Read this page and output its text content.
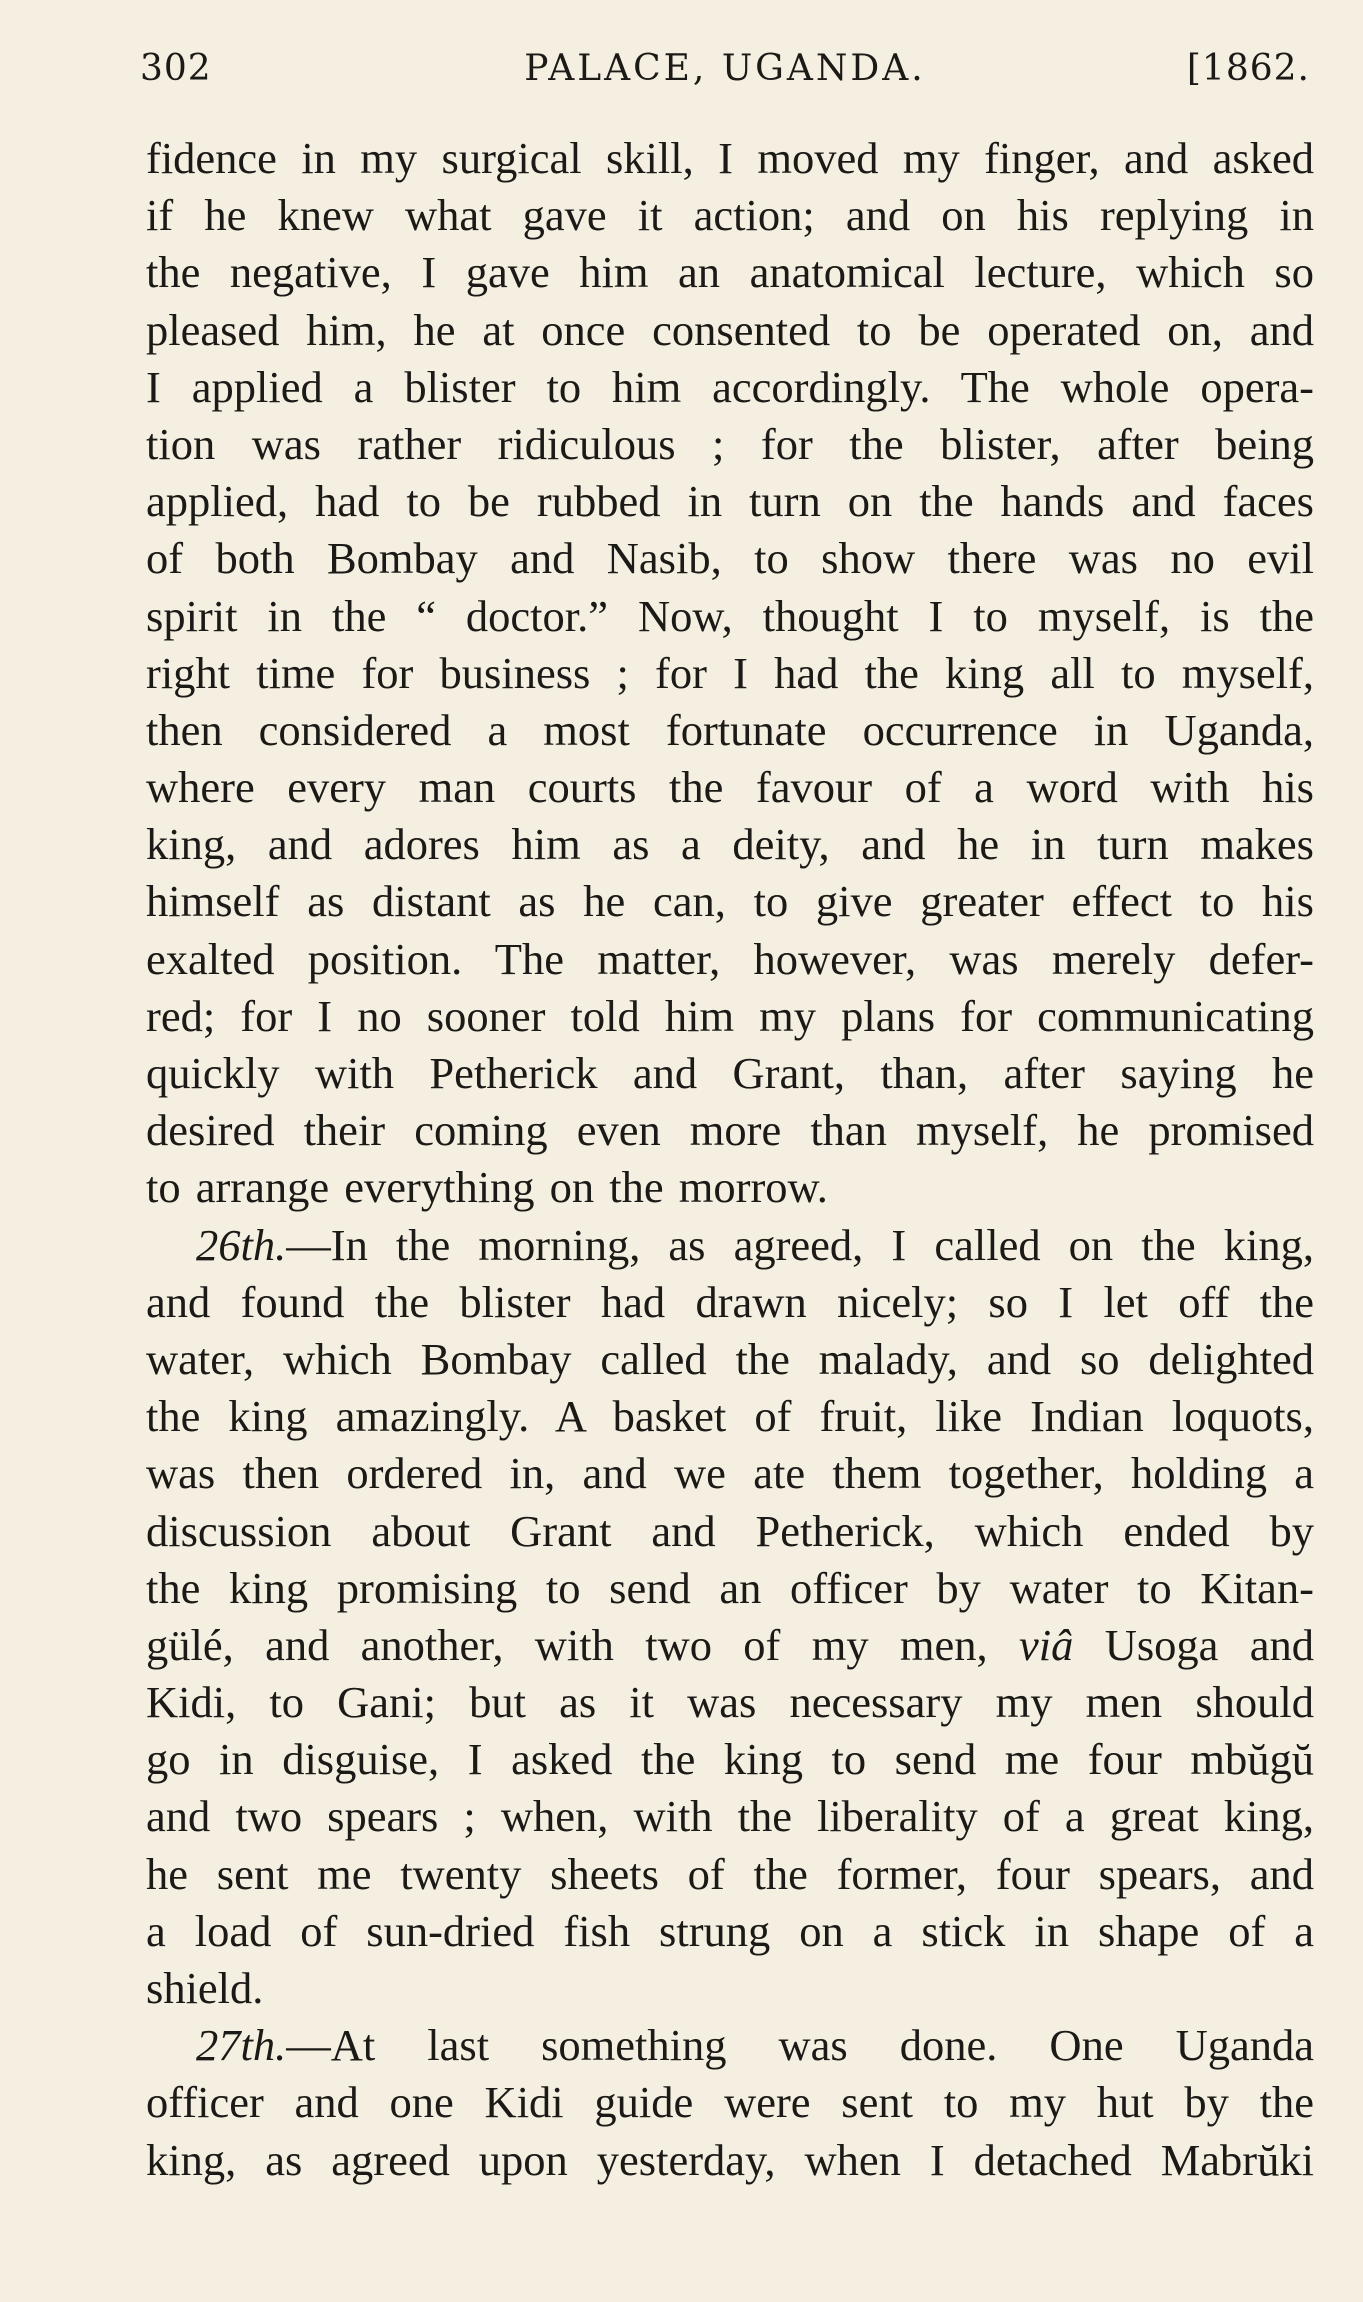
302	PALACE, UGANDA.	[1862.
fidence in my surgical skill, I moved my finger, and asked
if he knew what gave it action; and on his replying in
the negative, I gave him an anatomical lecture, which so
pleased him, he at once consented to be operated on, and
I applied a blister to him accordingly. The whole opera-
tion was rather ridiculous ; for the blister, after being
applied, had to be rubbed in turn on the hands and faces
of both Bombay and Nasib, to show there was no evil
spirit in the “ doctor.” Now, thought I to myself, is the
right time for business ; for I had the king all to myself,
then considered a most fortunate occurrence in Uganda,
where every man courts the favour of a word with his
king, and adores him as a deity, and he in turn makes
himself as distant as he can, to give greater effect to his
exalted position. The matter, however, was merely defer-
red; for I no sooner told him my plans for communicating
quickly with Petherick and Grant, than, after saying he
desired their coming even more than myself, he promised
to arrange everything on the morrow.
26th.—In the morning, as agreed, I called on the king,
and found the blister had drawn nicely; so I let off the
water, which Bombay called the malady, and so delighted
the king amazingly. A basket of fruit, like Indian loquots,
was then ordered in, and we ate them together, holding a
discussion about Grant and Petherick, which ended by
the king promising to send an officer by water to Kitan-
gülé, and another, with two of my men, viâ Usoga and
Kidi, to Gani; but as it was necessary my men should
go in disguise, I asked the king to send me four mbŭgŭ
and two spears ; when, with the liberality of a great king,
he sent me twenty sheets of the former, four spears, and
a load of sun-dried fish strung on a stick in shape of a
shield.
27th.—At last something was done. One Uganda
officer and one Kidi guide were sent to my hut by the
king, as agreed upon yesterday, when I detached Mabrŭki
